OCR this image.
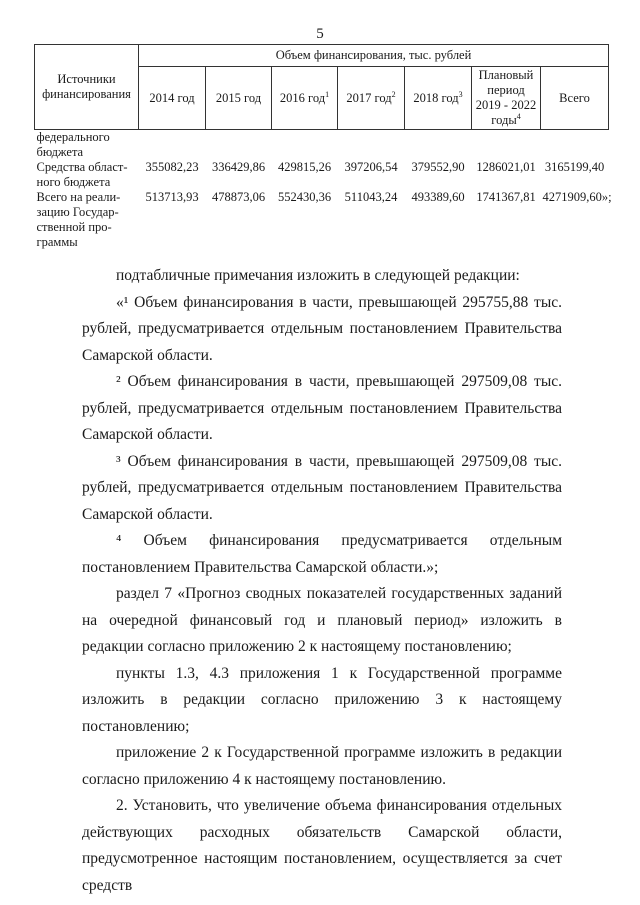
5
Источники финансирования	Объем финансирования, тыс. рублей						
	2014 год	2015 год	2016 год$^1$	2017 год$^2$	2018 год$^3$	Плановый период 2019 - 2022 годы$^4$	Всего
федерального бюджета							
Средства област-ного бюджета	355082,23	336429,86	429815,26	397206,54	379552,90	1286021,01	3165199,40
Всего на реали-зацию Государ-ственной про-граммы	513713,93	478873,06	552430,36	511043,24	493389,60	1741367,81	4271909,60»;

подтабличные примечания изложить в следующей редакции:

«¹ Объем финансирования в части, превышающей 295755,88 тыс. рублей, предусматривается отдельным постановлением Правительства Самарской области.

² Объем финансирования в части, превышающей 297509,08 тыс. рублей, предусматривается отдельным постановлением Правительства Самарской области.

³ Объем финансирования в части, превышающей 297509,08 тыс. рублей, предусматривается отдельным постановлением Правительства Самарской области.

⁴ Объем финансирования предусматривается отдельным постановлением Правительства Самарской области.»;

раздел 7 «Прогноз сводных показателей государственных заданий на очередной финансовый год и плановый период» изложить в редакции согласно приложению 2 к настоящему постановлению;

пункты 1.3, 4.3 приложения 1 к Государственной программе изложить в редакции согласно приложению 3 к настоящему постановлению;

приложение 2 к Государственной программе изложить в редакции согласно приложению 4 к настоящему постановлению.

2. Установить, что увеличение объема финансирования отдельных действующих расходных обязательств Самарской области, предусмотренное настоящим постановлением, осуществляется за счет средств
